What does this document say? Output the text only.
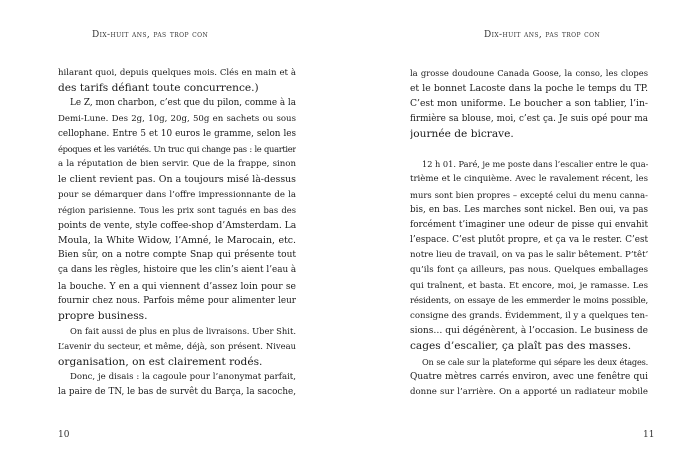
Dix-huit ans, pas trop con
hilarant quoi, depuis quelques mois. Clés en main et à
des tarifs défiant toute concurrence.)
Le Z, mon charbon, c’est que du pilon, comme à la
Demi-Lune. Des 2g, 10g, 20g, 50g en sachets ou sous
cellophane. Entre 5 et 10 euros le gramme, selon les
époques et les variétés. Un truc qui change pas : le quartier
a la réputation de bien servir. Que de la frappe, sinon
le client revient pas. On a toujours misé là-dessus
pour se démarquer dans l’offre impressionnante de la
région parisienne. Tous les prix sont tagués en bas des
points de vente, style coffee-shop d’Amsterdam. La
Moula, la White Widow, l’Amné, le Marocain, etc.
Bien sûr, on a notre compte Snap qui présente tout
ça dans les règles, histoire que les clin’s aient l’eau à
la bouche. Y en a qui viennent d’assez loin pour se
fournir chez nous. Parfois même pour alimenter leur
propre business.
On fait aussi de plus en plus de livraisons. Uber Shit.
L’avenir du secteur, et même, déjà, son présent. Niveau
organisation, on est clairement rodés.
Donc, je disais : la cagoule pour l’anonymat parfait,
la paire de TN, le bas de survêt du Barça, la sacoche,
10
Dix-huit ans, pas trop con
la grosse doudoune Canada Goose, la conso, les clopes
et le bonnet Lacoste dans la poche le temps du TP.
C’est mon uniforme. Le boucher a son tablier, l’in-
firmière sa blouse, moi, c’est ça. Je suis opé pour ma
journée de bicrave.
12 h 01. Paré, je me poste dans l’escalier entre le qua-
trième et le cinquième. Avec le ravalement récent, les
murs sont bien propres – excepté celui du menu canna-
bis, en bas. Les marches sont nickel. Ben oui, va pas
forcément t’imaginer une odeur de pisse qui envahit
l’espace. C’est plutôt propre, et ça va le rester. C’est
notre lieu de travail, on va pas le salir bêtement. P’têt’
qu’ils font ça ailleurs, pas nous. Quelques emballages
qui traînent, et basta. Et encore, moi, je ramasse. Les
résidents, on essaye de les emmerder le moins possible,
consigne des grands. Évidemment, il y a quelques ten-
sions… qui dégénèrent, à l’occasion. Le business de
cages d’escalier, ça plaît pas des masses.
On se cale sur la plateforme qui sépare les deux étages.
Quatre mètres carrés environ, avec une fenêtre qui
donne sur l’arrière. On a apporté un radiateur mobile
11
